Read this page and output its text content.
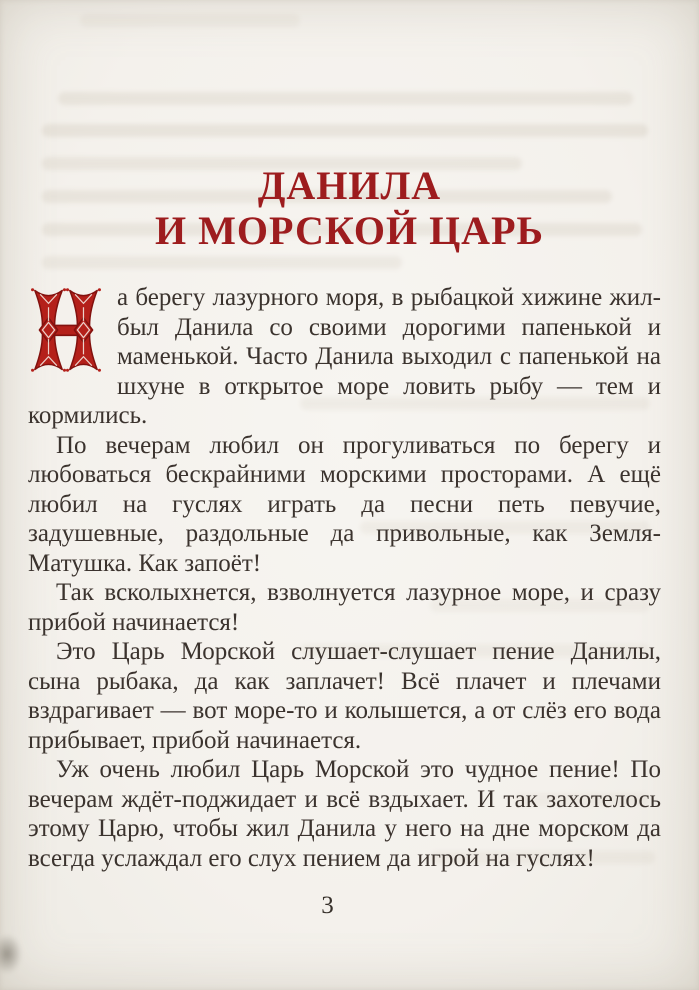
ДАНИЛА
И МОРСКОЙ ЦАРЬ

а берегу лазурного моря, в рыбацкой хижине жил-был Данила со своими дорогими папенькой и маменькой. Часто Данила выходил с папенькой на шхуне в открытое море ловить рыбу — тем и кормились.

По вечерам любил он прогуливаться по берегу и любоваться бескрайними морскими просторами. А ещё любил на гуслях играть да песни петь певучие, задушевные, раздольные да привольные, как Земля-Матушка. Как запоёт!

Так всколыхнется, взволнуется лазурное море, и сразу прибой начинается!

Это Царь Морской слушает-слушает пение Данилы, сына рыбака, да как заплачет! Всё плачет и плечами вздрагивает — вот море-то и колышется, а от слёз его вода прибывает, прибой начинается.

Уж очень любил Царь Морской это чудное пение! По вечерам ждёт-поджидает и всё вздыхает. И так захотелось этому Царю, чтобы жил Данила у него на дне морском да всегда услаждал его слух пением да игрой на гуслях!

3
